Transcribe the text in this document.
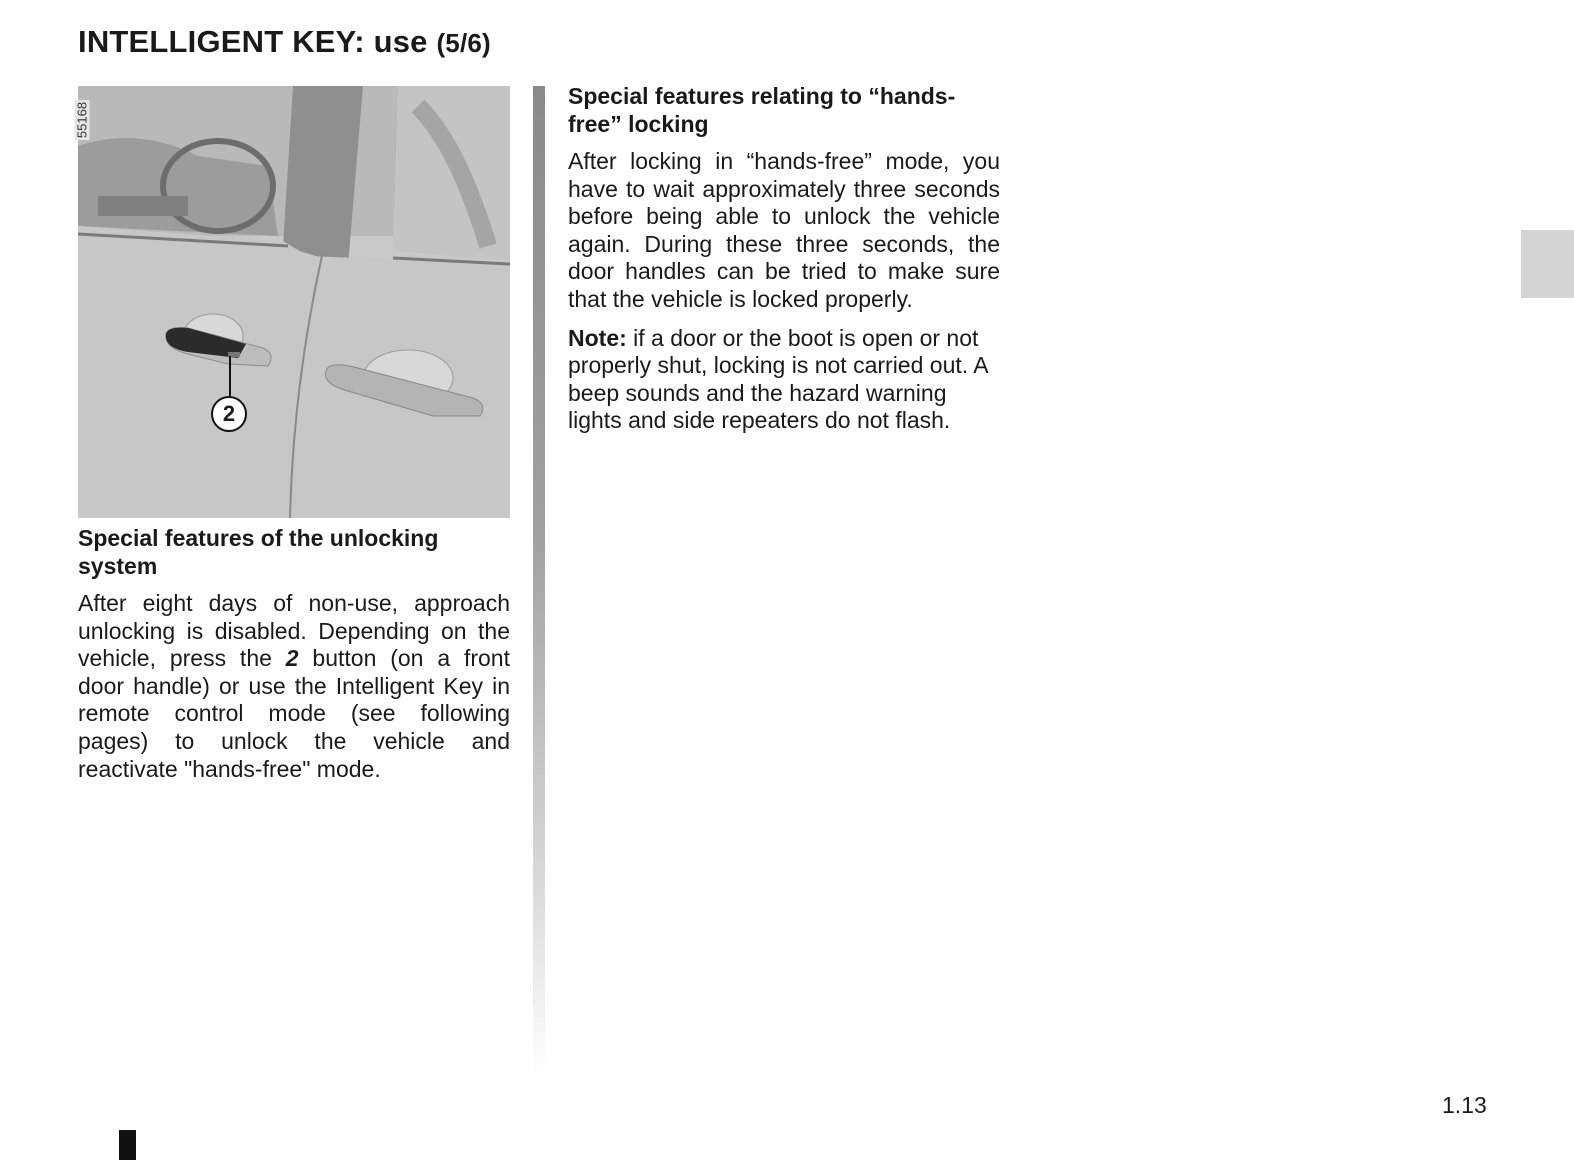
INTELLIGENT KEY: use (5/6)
55168
2
Special features of the unlocking system

After eight days of non-use, approach unlocking is disabled. Depending on the vehicle, press the 2 button (on a front door handle) or use the Intelligent Key in remote control mode (see following pages) to unlock the vehicle and reactivate "hands-free" mode.

Special features relating to “hands-free” locking

After locking in “hands-free” mode, you have to wait approximately three seconds before being able to unlock the vehicle again. During these three seconds, the door handles can be tried to make sure that the vehicle is locked properly.

Note: if a door or the boot is open or not properly shut, locking is not carried out. A beep sounds and the hazard warning lights and side repeaters do not flash.

1.13
